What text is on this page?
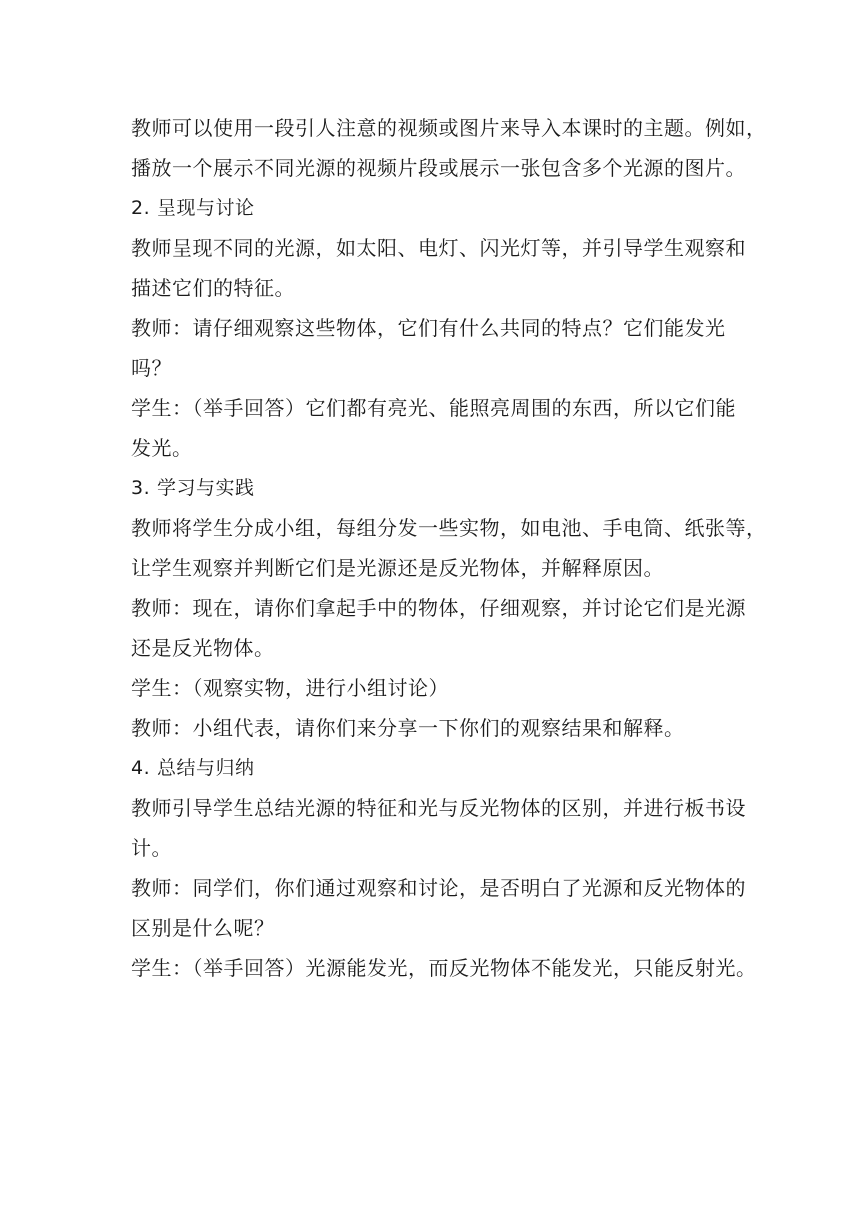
教师可以使用一段引人注意的视频或图片来导入本课时的主题。例如，
播放一个展示不同光源的视频片段或展示一张包含多个光源的图片。
2. 呈现与讨论
教师呈现不同的光源，如太阳、电灯、闪光灯等，并引导学生观察和
描述它们的特征。
教师：请仔细观察这些物体，它们有什么共同的特点？它们能发光
吗？
学生：（举手回答）它们都有亮光、能照亮周围的东西，所以它们能
发光。
3. 学习与实践
教师将学生分成小组，每组分发一些实物，如电池、手电筒、纸张等，
让学生观察并判断它们是光源还是反光物体，并解释原因。
教师：现在，请你们拿起手中的物体，仔细观察，并讨论它们是光源
还是反光物体。
学生：（观察实物，进行小组讨论）
教师：小组代表，请你们来分享一下你们的观察结果和解释。
4. 总结与归纳
教师引导学生总结光源的特征和光与反光物体的区别，并进行板书设
计。
教师：同学们，你们通过观察和讨论，是否明白了光源和反光物体的
区别是什么呢？
学生：（举手回答）光源能发光，而反光物体不能发光，只能反射光。
